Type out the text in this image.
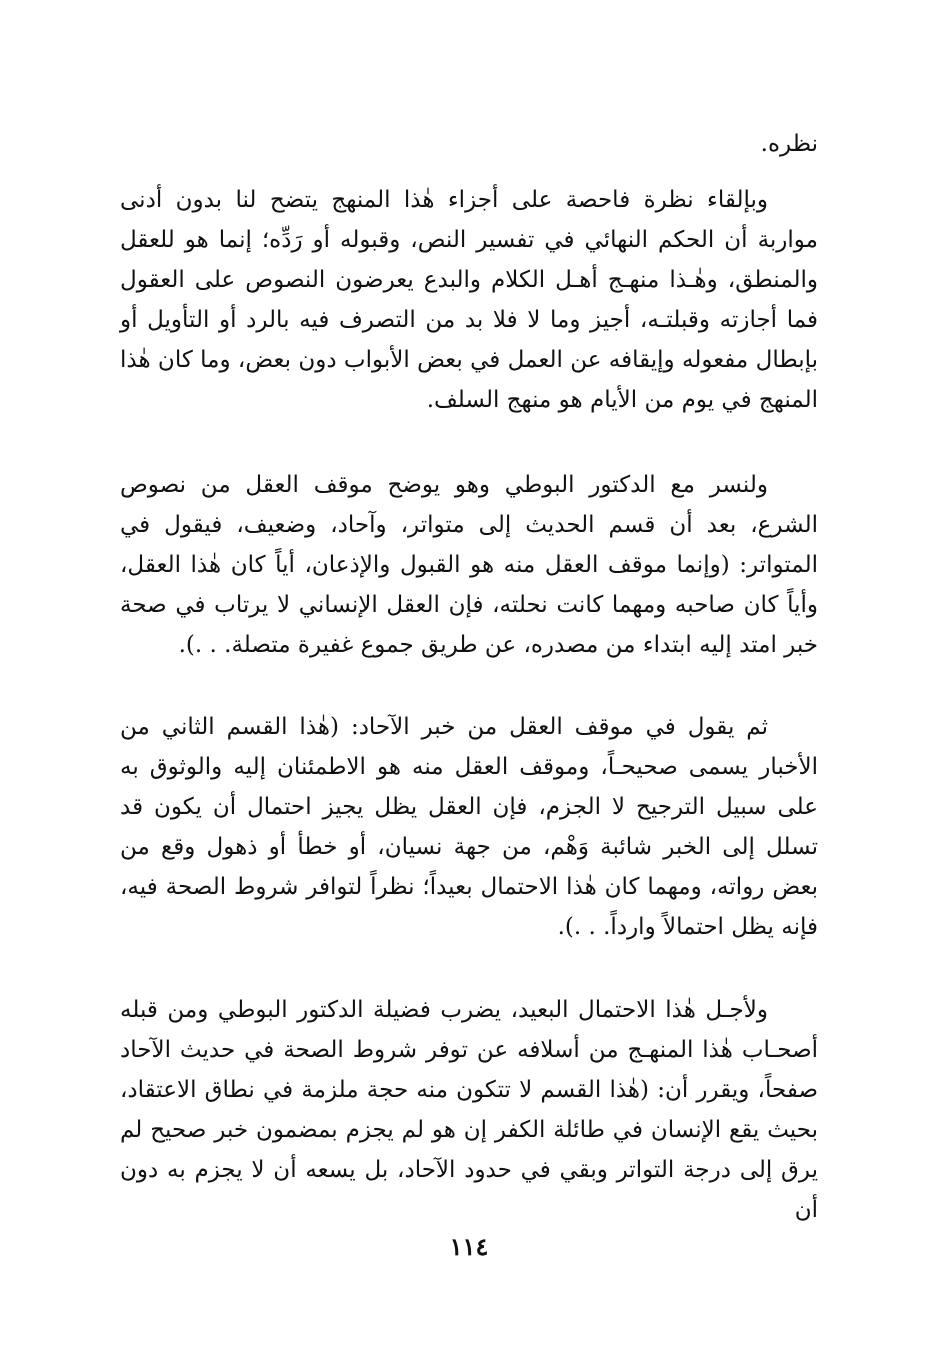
نظره.

وبإلقاء نظرة فاحصة على أجزاء هٰذا المنهج يتضح لنا بدون أدنى مواربة أن الحكم النهائي في تفسير النص، وقبوله أو رَدِّه؛ إنما هو للعقل والمنطق، وهٰـذا منهـج أهـل الكلام والبدع يعرضون النصوص على العقول فما أجازته وقبلتـه، أجيز وما لا فلا بد من التصرف فيه بالرد أو التأويل أو بإبطال مفعوله وإيقافه عن العمل في بعض الأبواب دون بعض، وما كان هٰذا المنهج في يوم من الأيام هو منهج السلف.

ولنسر مع الدكتور البوطي وهو يوضح موقف العقل من نصوص الشرع، بعد أن قسم الحديث إلى متواتر، وآحاد، وضعيف، فيقول في المتواتر: (وإنما موقف العقل منه هو القبول والإذعان، أياً كان هٰذا العقل، وأياً كان صاحبه ومهما كانت نحلته، فإن العقل الإنساني لا يرتاب في صحة خبر امتد إليه ابتداء من مصدره، عن طريق جموع غفيرة متصلة. . .).

ثم يقول في موقف العقل من خبر الآحاد: (هٰذا القسم الثاني من الأخبار يسمى صحيحـاً، وموقف العقل منه هو الاطمئنان إليه والوثوق به على سبيل الترجيح لا الجزم، فإن العقل يظل يجيز احتمال أن يكون قد تسلل إلى الخبر شائبة وَهْم، من جهة نسيان، أو خطأ أو ذهول وقع من بعض رواته، ومهما كان هٰذا الاحتمال بعيداً؛ نظراً لتوافر شروط الصحة فيه، فإنه يظل احتمالاً وارداً. . .).

ولأجـل هٰذا الاحتمال البعيد، يضرب فضيلة الدكتور البوطي ومن قبله أصحـاب هٰذا المنهـج من أسلافه عن توفر شروط الصحة في حديث الآحاد صفحاً، ويقرر أن: (هٰذا القسم لا تتكون منه حجة ملزمة في نطاق الاعتقاد، بحيث يقع الإنسان في طائلة الكفر إن هو لم يجزم بمضمون خبر صحيح لم يرق إلى درجة التواتر وبقي في حدود الآحاد، بل يسعه أن لا يجزم به دون أن

١١٤
